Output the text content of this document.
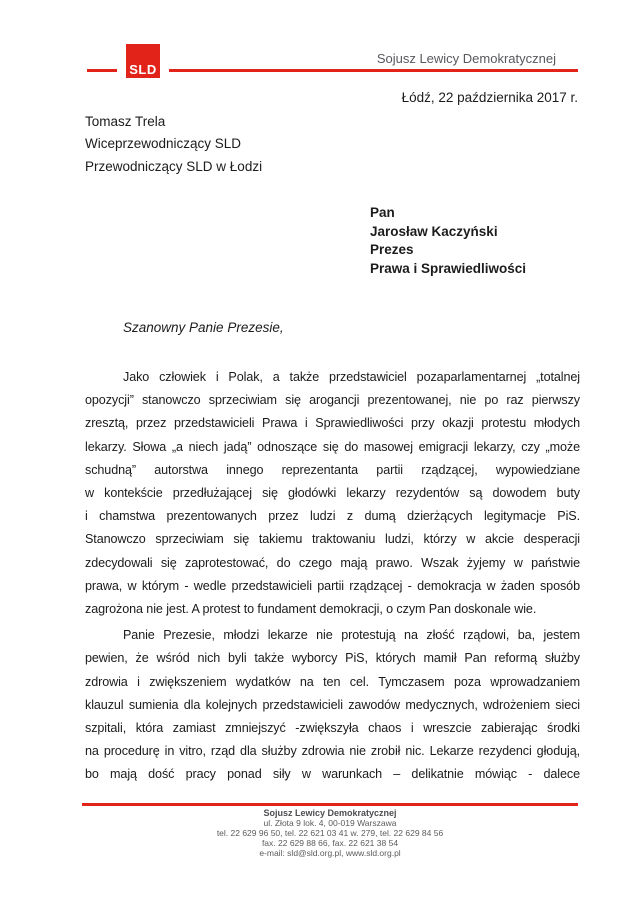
SLD
Sojusz Lewicy Demokratycznej
Łódź, 22 października 2017 r.
Tomasz Trela
Wiceprzewodniczący SLD
Przewodniczący SLD w Łodzi
Pan
Jarosław Kaczyński
Prezes
Prawa i Sprawiedliwości
Szanowny Panie Prezesie,
Jako człowiek i Polak, a także przedstawiciel pozaparlamentarnej „totalnej
opozycji” stanowczo sprzeciwiam się arogancji prezentowanej, nie po raz pierwszy
zresztą, przez przedstawicieli Prawa i Sprawiedliwości przy okazji protestu młodych
lekarzy. Słowa „a niech jadą” odnoszące się do masowej emigracji lekarzy, czy „może
schudną” autorstwa innego reprezentanta partii rządzącej, wypowiedziane
w kontekście przedłużającej się głodówki lekarzy rezydentów są dowodem buty
i chamstwa prezentowanych przez ludzi z dumą dzierżących legitymacje PiS.
Stanowczo sprzeciwiam się takiemu traktowaniu ludzi, którzy w akcie desperacji
zdecydowali się zaprotestować, do czego mają prawo. Wszak żyjemy w państwie
prawa, w którym - wedle przedstawicieli partii rządzącej - demokracja w żaden sposób
zagrożona nie jest. A protest to fundament demokracji, o czym Pan doskonale wie.
Panie Prezesie, młodzi lekarze nie protestują na złość rządowi, ba, jestem
pewien, że wśród nich byli także wyborcy PiS, których mamił Pan reformą służby
zdrowia i zwiększeniem wydatków na ten cel. Tymczasem poza wprowadzaniem
klauzul sumienia dla kolejnych przedstawicieli zawodów medycznych, wdrożeniem sieci
szpitali, która zamiast zmniejszyć -zwiększyła chaos i wreszcie zabierając środki
na procedurę in vitro, rząd dla służby zdrowia nie zrobił nic. Lekarze rezydenci głodują,
bo mają dość pracy ponad siły w warunkach – delikatnie mówiąc - dalece
Sojusz Lewicy Demokratycznej
ul. Złota 9 lok. 4, 00-019 Warszawa
tel. 22 629 96 50, tel. 22 621 03 41 w. 279, tel. 22 629 84 56
fax. 22 629 88 66, fax. 22 621 38 54
e-mail: sld@sld.org.pl, www.sld.org.pl
